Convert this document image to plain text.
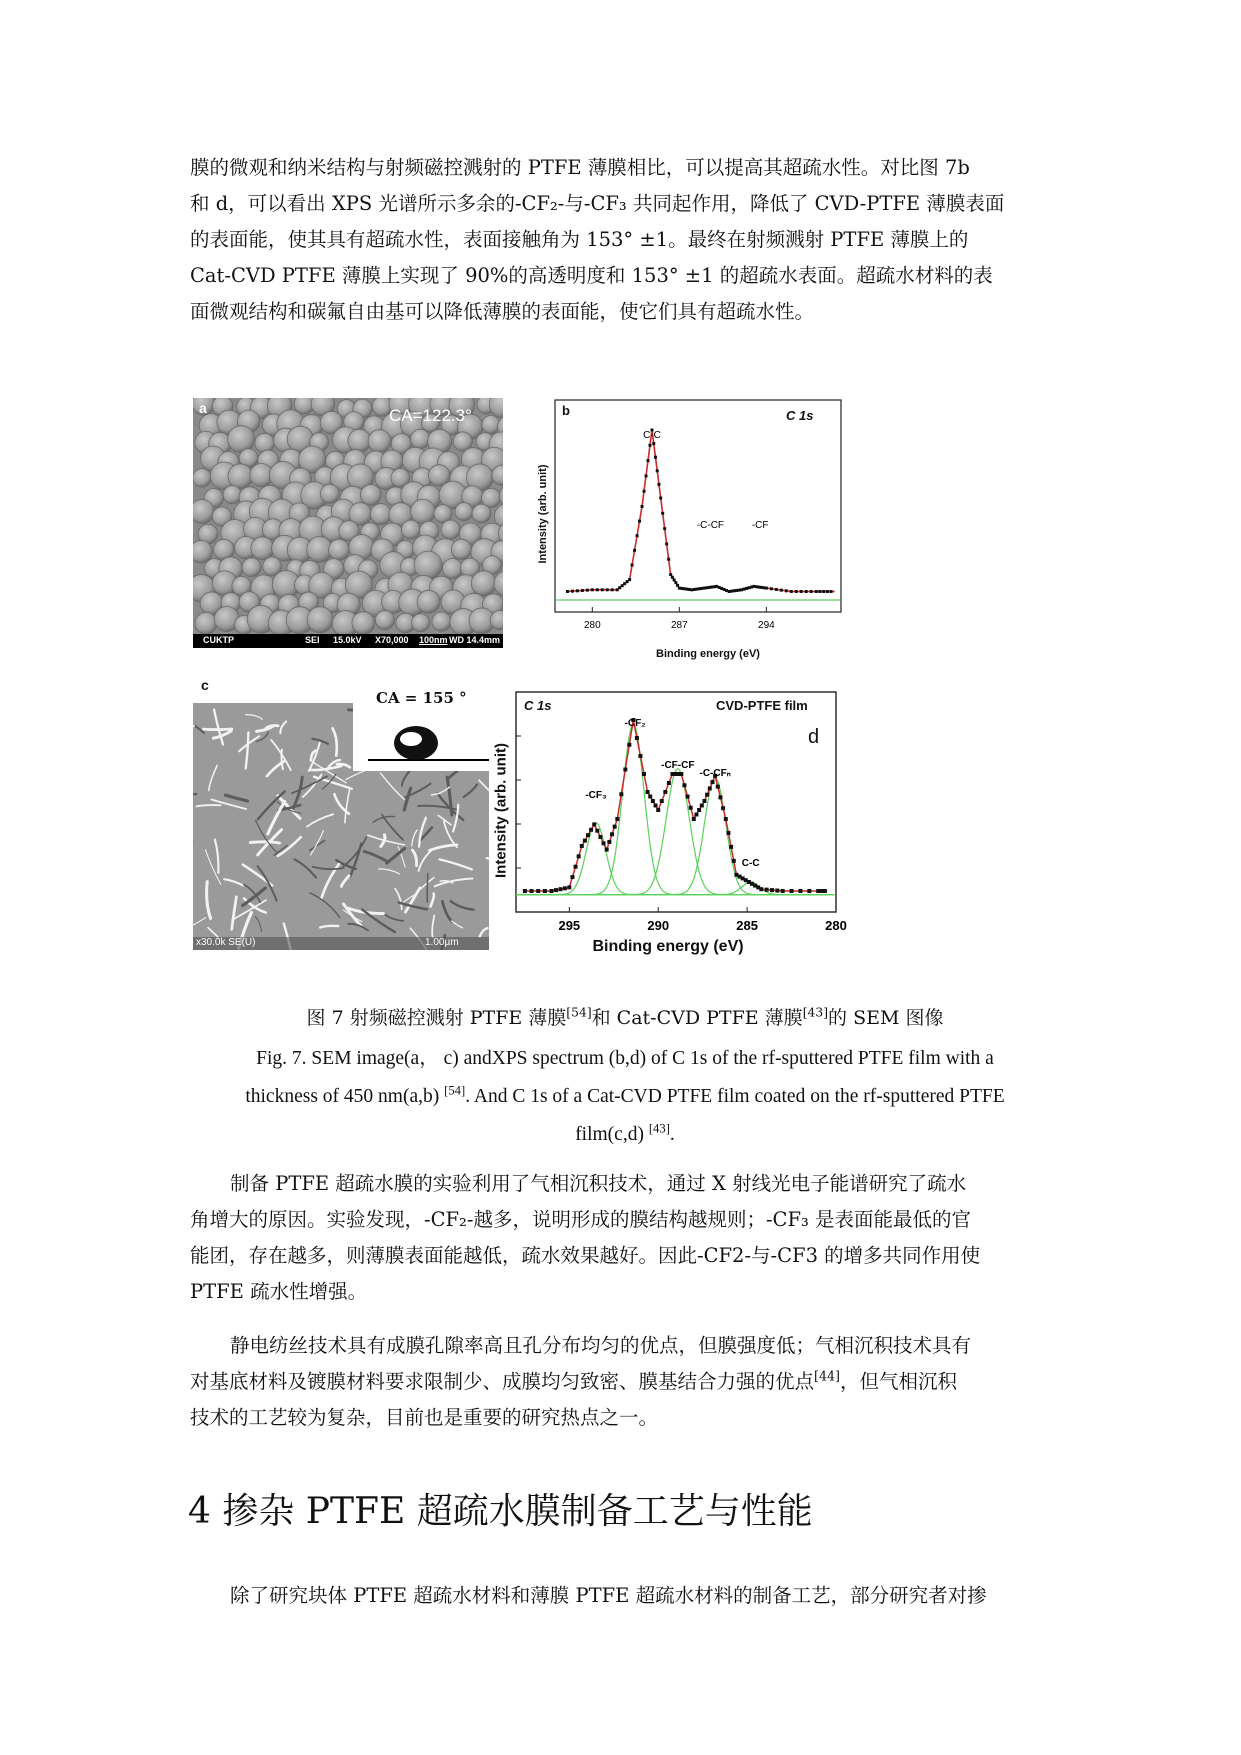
膜的微观和纳米结构与射频磁控溅射的 PTFE 薄膜相比，可以提高其超疏水性。对比图 7b
和 d，可以看出 XPS 光谱所示多余的-CF₂-与-CF₃ 共同起作用，降低了 CVD-PTFE 薄膜表面
的表面能，使其具有超疏水性，表面接触角为 153° ±1。最终在射频溅射 PTFE 薄膜上的
Cat-CVD PTFE 薄膜上实现了 90%的高透明度和 153° ±1 的超疏水表面。超疏水材料的表
面微观结构和碳氟自由基可以降低薄膜的表面能，使它们具有超疏水性。
a	CA=122.3°
CUKTP	SEI 15.0kV X70,000 100nm WD 14.4mm
280	287	294
C-C
-C-CF	-CF
b	C 1s
Intensity (arb. unit)
Binding energy (eV)
c
CA = 155 °
x30.0k SE(U)	1.00µm
295	290	285	280
-CF₃
-CF₂
-CF-CF
-C-CFₙ
C-C
C 1s	CVD-PTFE film
d
Intensity (arb. unit)
Binding energy (eV)
图 7 射频磁控溅射 PTFE 薄膜[54]和 Cat-CVD PTFE 薄膜[43]的 SEM 图像
Fig. 7. SEM image(a， c) andXPS spectrum (b,d) of C 1s of the rf-sputtered PTFE film with a
thickness of 450 nm(a,b) [54]. And C 1s of a Cat-CVD PTFE film coated on the rf-sputtered PTFE
film(c,d) [43].
制备 PTFE 超疏水膜的实验利用了气相沉积技术，通过 X 射线光电子能谱研究了疏水
角增大的原因。实验发现，-CF₂-越多，说明形成的膜结构越规则；-CF₃ 是表面能最低的官
能团，存在越多，则薄膜表面能越低，疏水效果越好。因此-CF2-与-CF3 的增多共同作用使
PTFE 疏水性增强。
静电纺丝技术具有成膜孔隙率高且孔分布均匀的优点，但膜强度低；气相沉积技术具有
对基底材料及镀膜材料要求限制少、成膜均匀致密、膜基结合力强的优点[44]，但气相沉积
技术的工艺较为复杂，目前也是重要的研究热点之一。
4 掺杂 PTFE 超疏水膜制备工艺与性能
除了研究块体 PTFE 超疏水材料和薄膜 PTFE 超疏水材料的制备工艺，部分研究者对掺
